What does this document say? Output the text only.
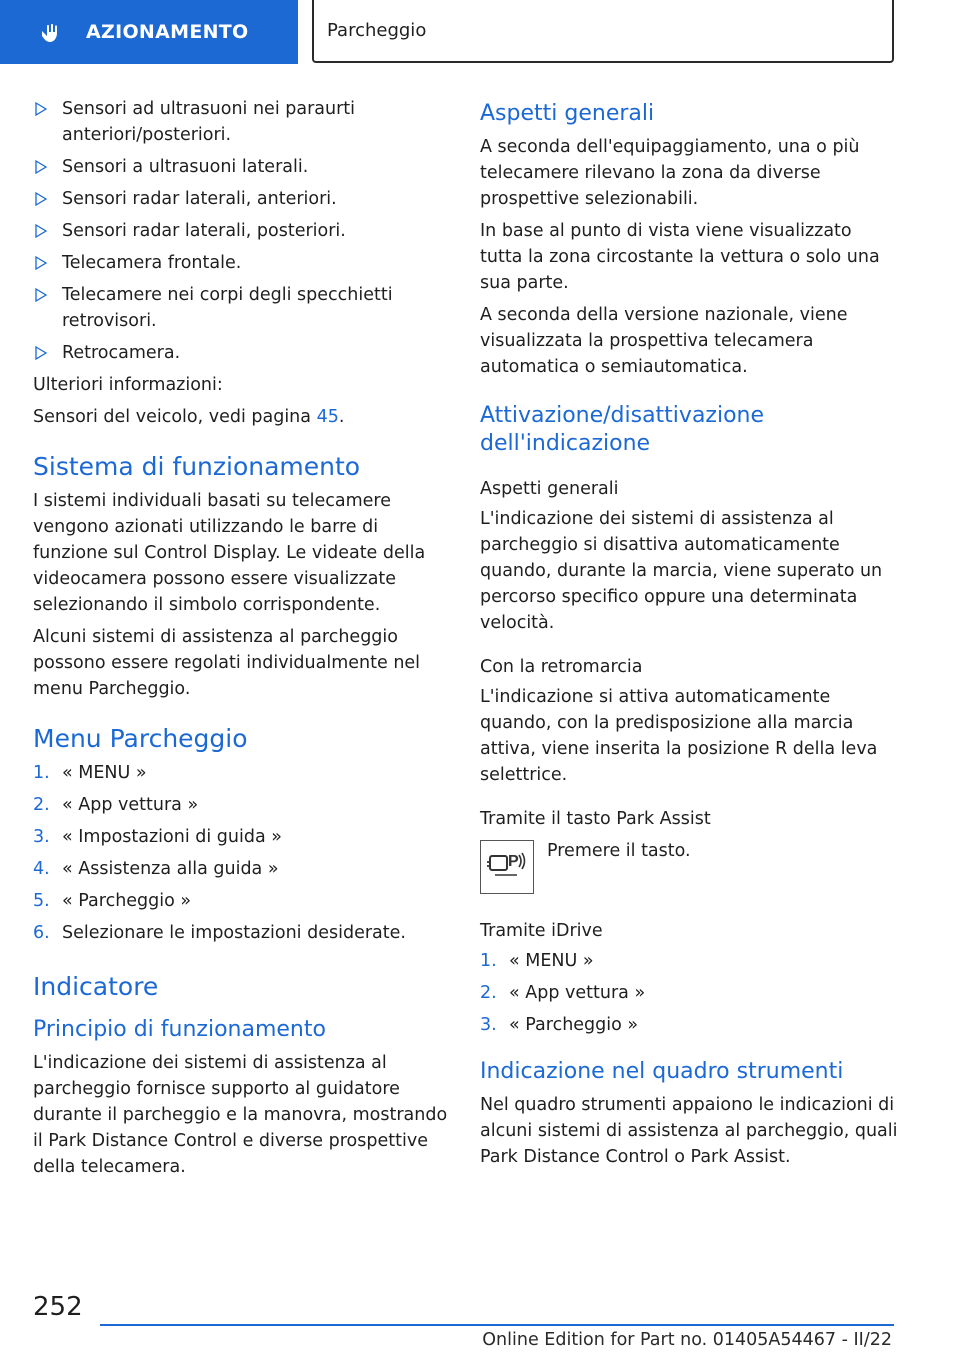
AZIONAMENTO	Parcheggio
Sensori ad ultrasuoni nei paraurti anteriori/posteriori.
Sensori a ultrasuoni laterali.
Sensori radar laterali, anteriori.
Sensori radar laterali, posteriori.
Telecamera frontale.
Telecamere nei corpi degli specchietti retrovisori.
Retrocamera.

Ulteriori informazioni:

Sensori del veicolo, vedi pagina 45.

Sistema di funzionamento

I sistemi individuali basati su telecamere vengono azionati utilizzando le barre di funzione sul Control Display. Le videate della videocamera possono essere visualizzate selezionando il simbolo corrispondente.

Alcuni sistemi di assistenza al parcheggio possono essere regolati individualmente nel menu Parcheggio.

Menu Parcheggio
1. « MENU »
2. « App vettura »
3. « Impostazioni di guida »
4. « Assistenza alla guida »
5. « Parcheggio »
6. Selezionare le impostazioni desiderate.
Indicatore
Principio di funzionamento

L'indicazione dei sistemi di assistenza al parcheggio fornisce supporto al guidatore durante il parcheggio e la manovra, mostrando il Park Distance Control e diverse prospettive della telecamera.

Aspetti generali

A seconda dell'equipaggiamento, una o più telecamere rilevano la zona da diverse prospettive selezionabili.

In base al punto di vista viene visualizzato tutta la zona circostante la vettura o solo una sua parte.

A seconda della versione nazionale, viene visualizzata la prospettiva telecamera automatica o semiautomatica.

Attivazione/disattivazione dell'indicazione
Aspetti generali

L'indicazione dei sistemi di assistenza al parcheggio si disattiva automaticamente quando, durante la marcia, viene superato un percorso specifico oppure una determinata velocità.

Con la retromarcia

L'indicazione si attiva automaticamente quando, con la predisposizione alla marcia attiva, viene inserita la posizione R della leva selettrice.

Tramite il tasto Park Assist
P
Premere il tasto.
Tramite iDrive
1. « MENU »
2. « App vettura »
3. « Parcheggio »
Indicazione nel quadro strumenti

Nel quadro strumenti appaiono le indicazioni di alcuni sistemi di assistenza al parcheggio, quali Park Distance Control o Park Assist.

252
Online Edition for Part no. 01405A54467 - II/22
